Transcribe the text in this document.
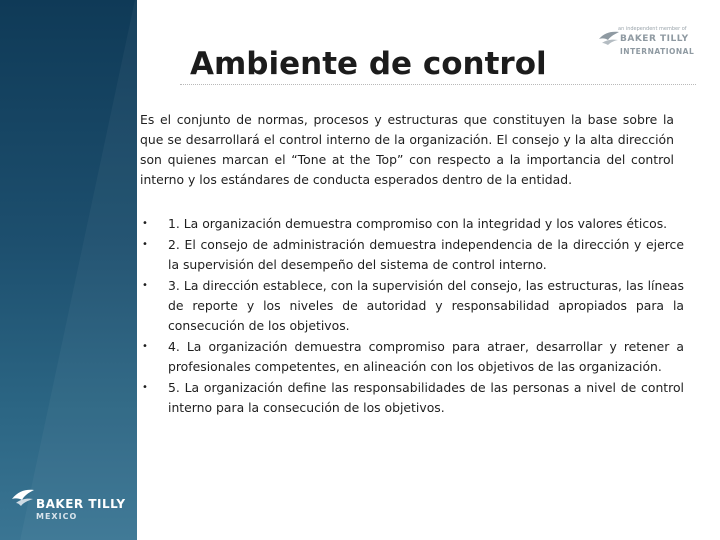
BAKER TILLY
MEXICO
an independent member of
BAKER TILLY
INTERNATIONAL
Ambiente de control

Es el conjunto de normas, procesos y estructuras que constituyen la base sobre la que se desarrollará el control interno de la organización. El consejo y la alta dirección son quienes marcan el “Tone at the Top” con respecto a la importancia del control interno y los estándares de conducta esperados dentro de la entidad.

• 1. La organización demuestra compromiso con la integridad y los valores éticos.
• 2. El consejo de administración demuestra independencia de la dirección y ejerce la supervisión del desempeño del sistema de control interno.
• 3. La dirección establece, con la supervisión del consejo, las estructuras, las líneas de reporte y los niveles de autoridad y responsabilidad apropiados para la consecución de los objetivos.
• 4. La organización demuestra compromiso para atraer, desarrollar y retener a profesionales competentes, en alineación con los objetivos de las organización.
• 5. La organización define las responsabilidades de las personas a nivel de control interno para la consecución de los objetivos.
